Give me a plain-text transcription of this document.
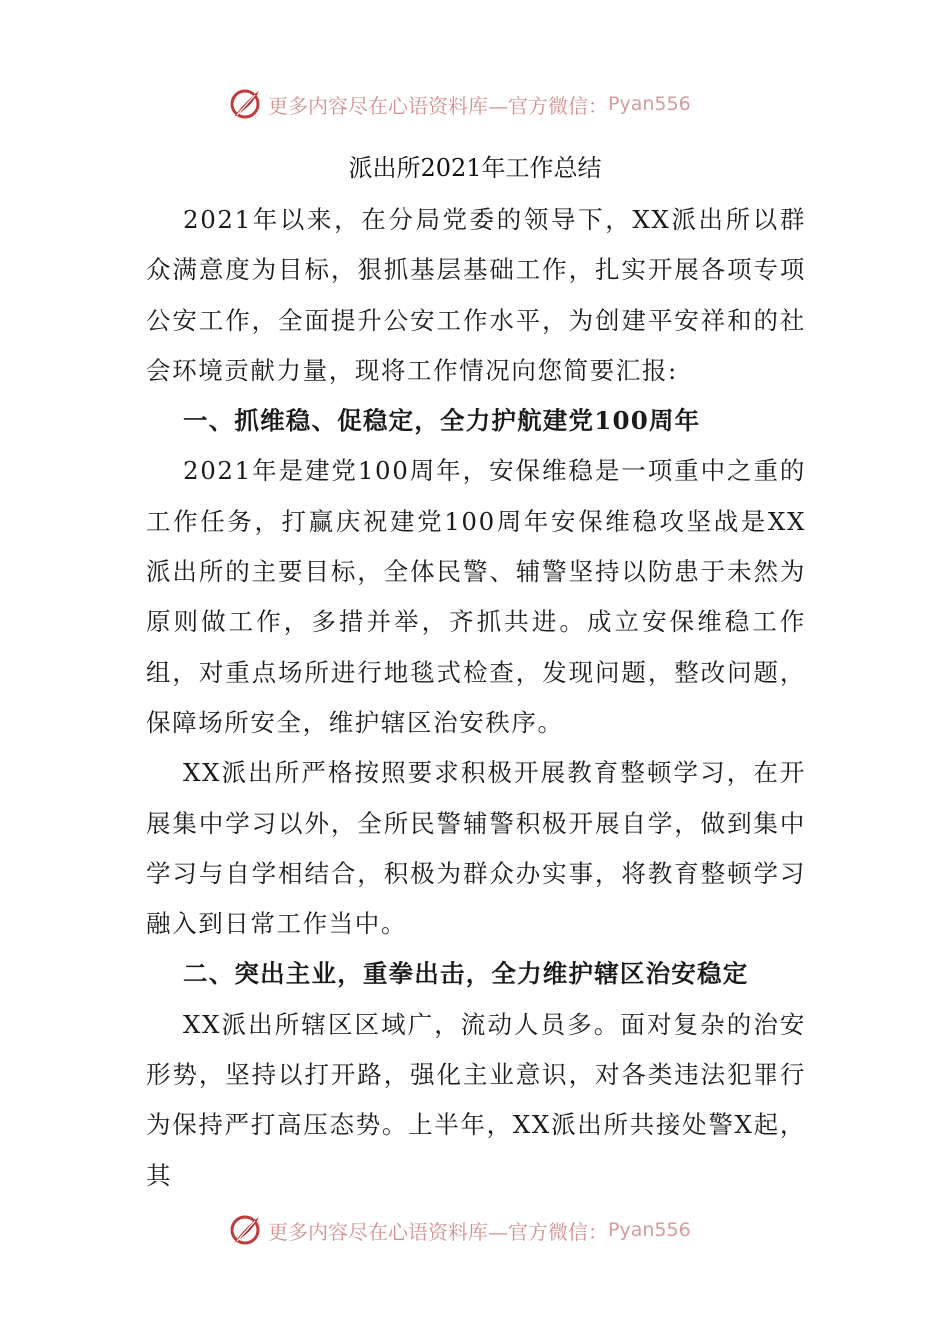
更多内容尽在心语资料库—官方微信： Pyan556
派出所2021年工作总结

2021年以来，在分局党委的领导下，XX派出所以群众满意度为目标，狠抓基层基础工作，扎实开展各项专项公安工作，全面提升公安工作水平，为创建平安祥和的社会环境贡献力量，现将工作情况向您简要汇报:

一、抓维稳、促稳定，全力护航建党100周年

2021年是建党100周年，安保维稳是一项重中之重的工作任务，打赢庆祝建党100周年安保维稳攻坚战是XX派出所的主要目标，全体民警、辅警坚持以防患于未然为原则做工作，多措并举，齐抓共进。成立安保维稳工作组，对重点场所进行地毯式检查，发现问题，整改问题，保障场所安全，维护辖区治安秩序。

XX派出所严格按照要求积极开展教育整顿学习，在开展集中学习以外，全所民警辅警积极开展自学，做到集中学习与自学相结合，积极为群众办实事，将教育整顿学习融入到日常工作当中。

二、突出主业，重拳出击，全力维护辖区治安稳定

XX派出所辖区区域广，流动人员多。面对复杂的治安形势，坚持以打开路，强化主业意识，对各类违法犯罪行为保持严打高压态势。上半年，XX派出所共接处警X起，其

更多内容尽在心语资料库—官方微信： Pyan556
